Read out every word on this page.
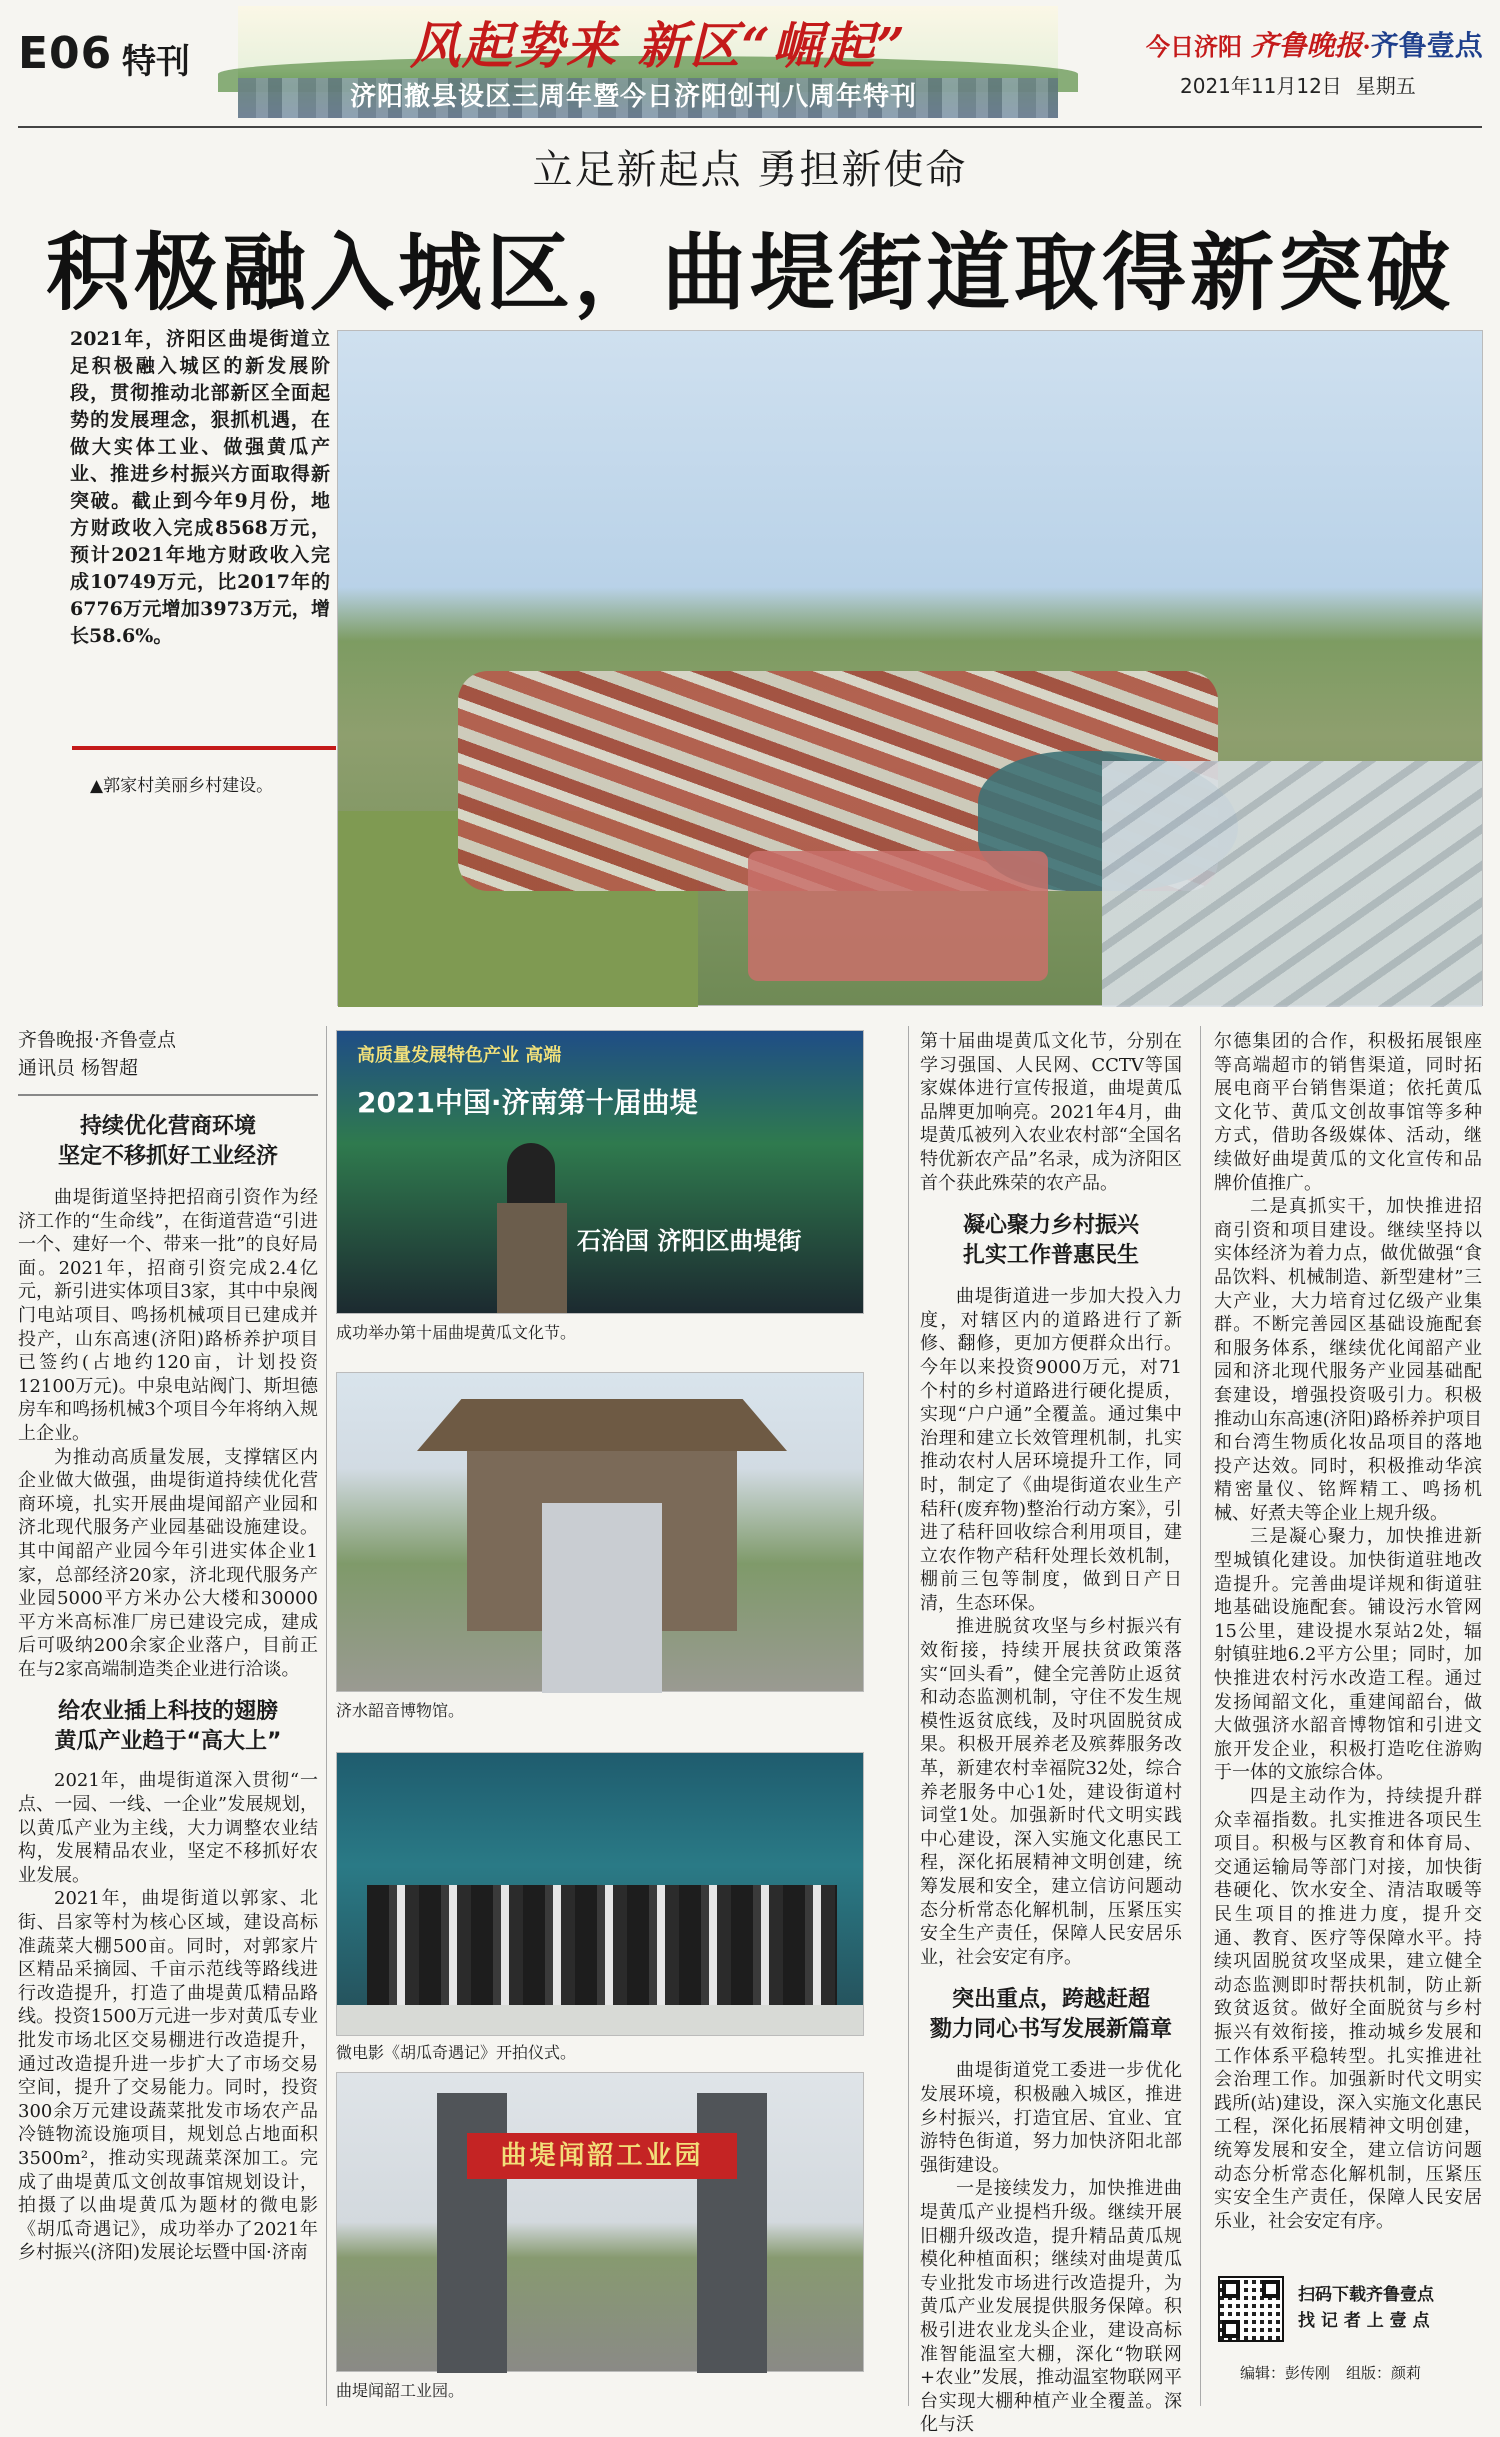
E06 特刊	风起势来 新区“崛起”
济阳撤县设区三周年暨今日济阳创刊八周年特刊
今日济阳 齐鲁晚报·齐鲁壹点
2021年11月12日 星期五
立足新起点 勇担新使命
积极融入城区，曲堤街道取得新突破
2021年，济阳区曲堤街道立足积极融入城区的新发展阶段，贯彻推动北部新区全面起势的发展理念，狠抓机遇，在做大实体工业、做强黄瓜产业、推进乡村振兴方面取得新突破。截止到今年9月份，地方财政收入完成8568万元，预计2021年地方财政收入完成10749万元，比2017年的6776万元增加3973万元，增长58.6%。
▲郭家村美丽乡村建设。
齐鲁晚报·齐鲁壹点
通讯员 杨智超
持续优化营商环境
坚定不移抓好工业经济
曲堤街道坚持把招商引资作为经济工作的“生命线”，在街道营造“引进一个、建好一个、带来一批”的良好局面。2021年，招商引资完成2.4亿元，新引进实体项目3家，其中中泉阀门电站项目、鸣扬机械项目已建成并投产，山东高速(济阳)路桥养护项目已签约(占地约120亩，计划投资12100万元)。中泉电站阀门、斯坦德房车和鸣扬机械3个项目今年将纳入规上企业。
为推动高质量发展，支撑辖区内企业做大做强，曲堤街道持续优化营商环境，扎实开展曲堤闻韶产业园和济北现代服务产业园基础设施建设。其中闻韶产业园今年引进实体企业1家，总部经济20家，济北现代服务产业园5000平方米办公大楼和30000平方米高标准厂房已建设完成，建成后可吸纳200余家企业落户，目前正在与2家高端制造类企业进行洽谈。
给农业插上科技的翅膀
黄瓜产业趋于“高大上”
2021年，曲堤街道深入贯彻“一点、一园、一线、一企业”发展规划，以黄瓜产业为主线，大力调整农业结构，发展精品农业，坚定不移抓好农业发展。
2021年，曲堤街道以郭家、北街、吕家等村为核心区域，建设高标准蔬菜大棚500亩。同时，对郭家片区精品采摘园、千亩示范线等路线进行改造提升，打造了曲堤黄瓜精品路线。投资1500万元进一步对黄瓜专业批发市场北区交易棚进行改造提升，通过改造提升进一步扩大了市场交易空间，提升了交易能力。同时，投资300余万元建设蔬菜批发市场农产品冷链物流设施项目，规划总占地面积3500m²，推动实现蔬菜深加工。完成了曲堤黄瓜文创故事馆规划设计，拍摄了以曲堤黄瓜为题材的微电影《胡瓜奇遇记》，成功举办了2021年乡村振兴(济阳)发展论坛暨中国·济南
高质量发展特色产业 高端
2021中国·济南第十届曲堤
石治国 济阳区曲堤街
成功举办第十届曲堤黄瓜文化节。
济水韶音博物馆。
微电影《胡瓜奇遇记》开拍仪式。
曲堤闻韶工业园
曲堤闻韶工业园。
第十届曲堤黄瓜文化节，分别在学习强国、人民网、CCTV等国家媒体进行宣传报道，曲堤黄瓜品牌更加响亮。2021年4月，曲堤黄瓜被列入农业农村部“全国名特优新农产品”名录，成为济阳区首个获此殊荣的农产品。
凝心聚力乡村振兴
扎实工作普惠民生
曲堤街道进一步加大投入力度，对辖区内的道路进行了新修、翻修，更加方便群众出行。今年以来投资9000万元，对71个村的乡村道路进行硬化提质，实现“户户通”全覆盖。通过集中治理和建立长效管理机制，扎实推动农村人居环境提升工作，同时，制定了《曲堤街道农业生产秸秆(废弃物)整治行动方案》，引进了秸秆回收综合利用项目，建立农作物产秸秆处理长效机制，棚前三包等制度，做到日产日清，生态环保。
推进脱贫攻坚与乡村振兴有效衔接，持续开展扶贫政策落实“回头看”，健全完善防止返贫和动态监测机制，守住不发生规模性返贫底线，及时巩固脱贫成果。积极开展养老及殡葬服务改革，新建农村幸福院32处，综合养老服务中心1处，建设街道村词堂1处。加强新时代文明实践中心建设，深入实施文化惠民工程，深化拓展精神文明创建，统筹发展和安全，建立信访问题动态分析常态化解机制，压紧压实安全生产责任，保障人民安居乐业，社会安定有序。
突出重点，跨越赶超
勠力同心书写发展新篇章
曲堤街道党工委进一步优化发展环境，积极融入城区，推进乡村振兴，打造宜居、宜业、宜游特色街道，努力加快济阳北部强街建设。
一是接续发力，加快推进曲堤黄瓜产业提档升级。继续开展旧棚升级改造，提升精品黄瓜规模化种植面积；继续对曲堤黄瓜专业批发市场进行改造提升，为黄瓜产业发展提供服务保障。积极引进农业龙头企业，建设高标准智能温室大棚，深化“物联网+农业”发展，推动温室物联网平台实现大棚种植产业全覆盖。深化与沃
尔德集团的合作，积极拓展银座等高端超市的销售渠道，同时拓展电商平台销售渠道；依托黄瓜文化节、黄瓜文创故事馆等多种方式，借助各级媒体、活动，继续做好曲堤黄瓜的文化宣传和品牌价值推广。
二是真抓实干，加快推进招商引资和项目建设。继续坚持以实体经济为着力点，做优做强“食品饮料、机械制造、新型建材”三大产业，大力培育过亿级产业集群。不断完善园区基础设施配套和服务体系，继续优化闻韶产业园和济北现代服务产业园基础配套建设，增强投资吸引力。积极推动山东高速(济阳)路桥养护项目和台湾生物质化妆品项目的落地投产达效。同时，积极推动华滨精密量仪、铭辉精工、鸣扬机械、好煮夫等企业上规升级。
三是凝心聚力，加快推进新型城镇化建设。加快街道驻地改造提升。完善曲堤详规和街道驻地基础设施配套。铺设污水管网15公里，建设提水泵站2处，辐射镇驻地6.2平方公里；同时，加快推进农村污水改造工程。通过发扬闻韶文化，重建闻韶台，做大做强济水韶音博物馆和引进文旅开发企业，积极打造吃住游购于一体的文旅综合体。
四是主动作为，持续提升群众幸福指数。扎实推进各项民生项目。积极与区教育和体育局、交通运输局等部门对接，加快街巷硬化、饮水安全、清洁取暖等民生项目的推进力度，提升交通、教育、医疗等保障水平。持续巩固脱贫攻坚成果，建立健全动态监测即时帮扶机制，防止新致贫返贫。做好全面脱贫与乡村振兴有效衔接，推动城乡发展和工作体系平稳转型。扎实推进社会治理工作。加强新时代文明实践所(站)建设，深入实施文化惠民工程，深化拓展精神文明创建，统筹发展和安全，建立信访问题动态分析常态化解机制，压紧压实安全生产责任，保障人民安居乐业，社会安定有序。
扫码下载齐鲁壹点
找 记 者 上 壹 点
编辑：彭传刚 组版：颜莉
